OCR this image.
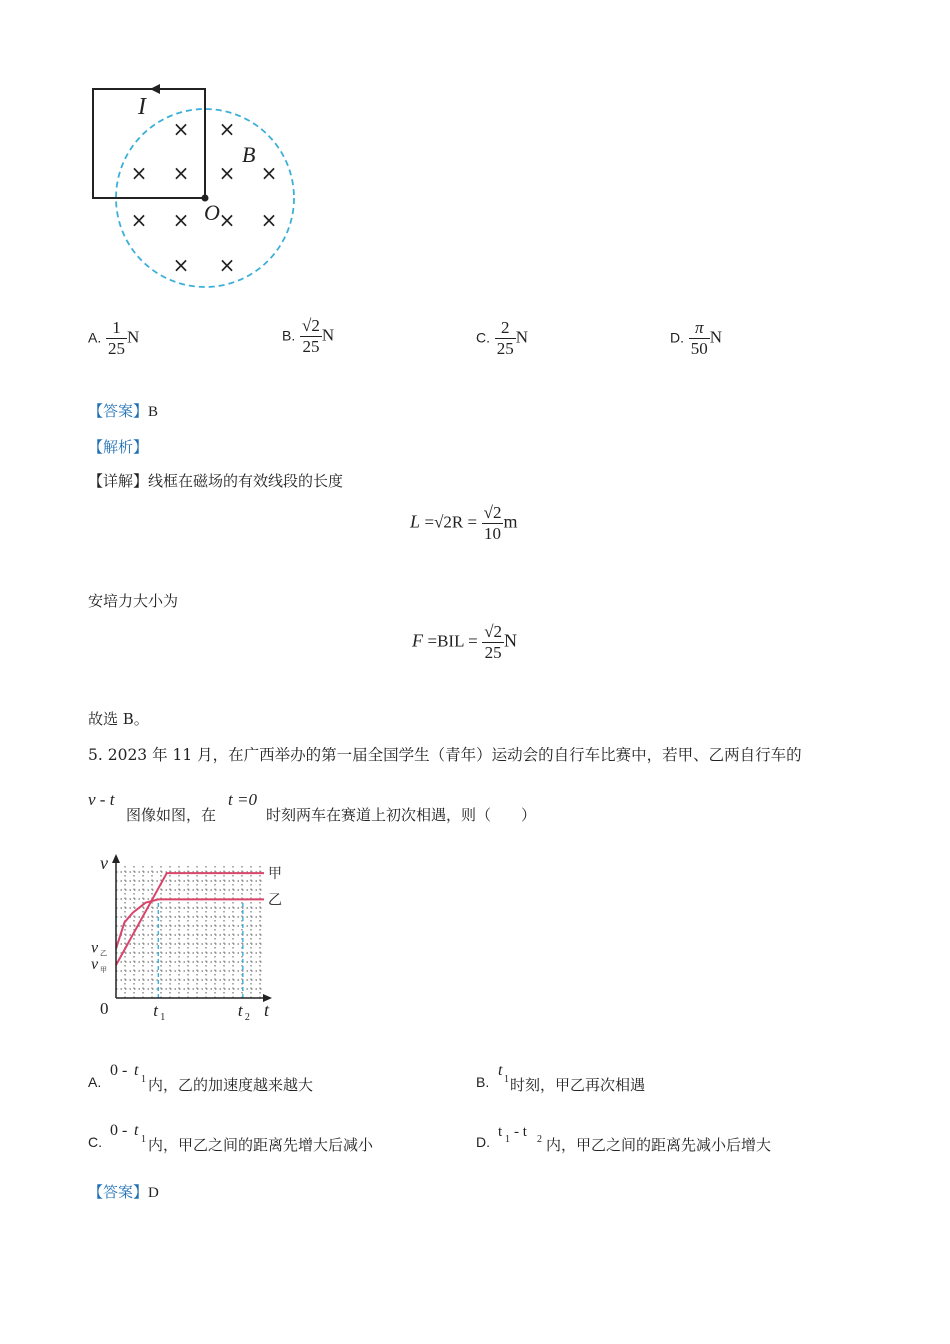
I
B
O
× ×
× × × ×
× × × ×
× ×
A. $\frac{1}{25}$ N	B. $\frac{√2}{25}$ N	C. $\frac{2}{25}$ N	D. $\frac{\pi}{50}$ N
【答案】B
【解析】
【详解】线框在磁场的有效线段的长度
$L =√2R = \frac{√2}{10}$ m
安培力大小为
$F =BIL = \frac{√2}{25}$ N
故选 B。
5. 2023 年 11 月，在广西举办的第一届全国学生（青年）运动会的自行车比赛中，若甲、乙两自行车的
v - t
图像如图，在
t =0
时刻两车在赛道上初次相遇，则（　　）
v
t
0	t 1	t 2
v 乙
v 甲
甲
乙
A.
0 - t
1 内，乙的加速度越来越大	B.
t
1 时刻，甲乙再次相遇
C.
0 - t
1 内，甲乙之间的距离先增大后减小	D.
t 1 - t 2 内，甲乙之间的距离先减小后增大
【答案】D
